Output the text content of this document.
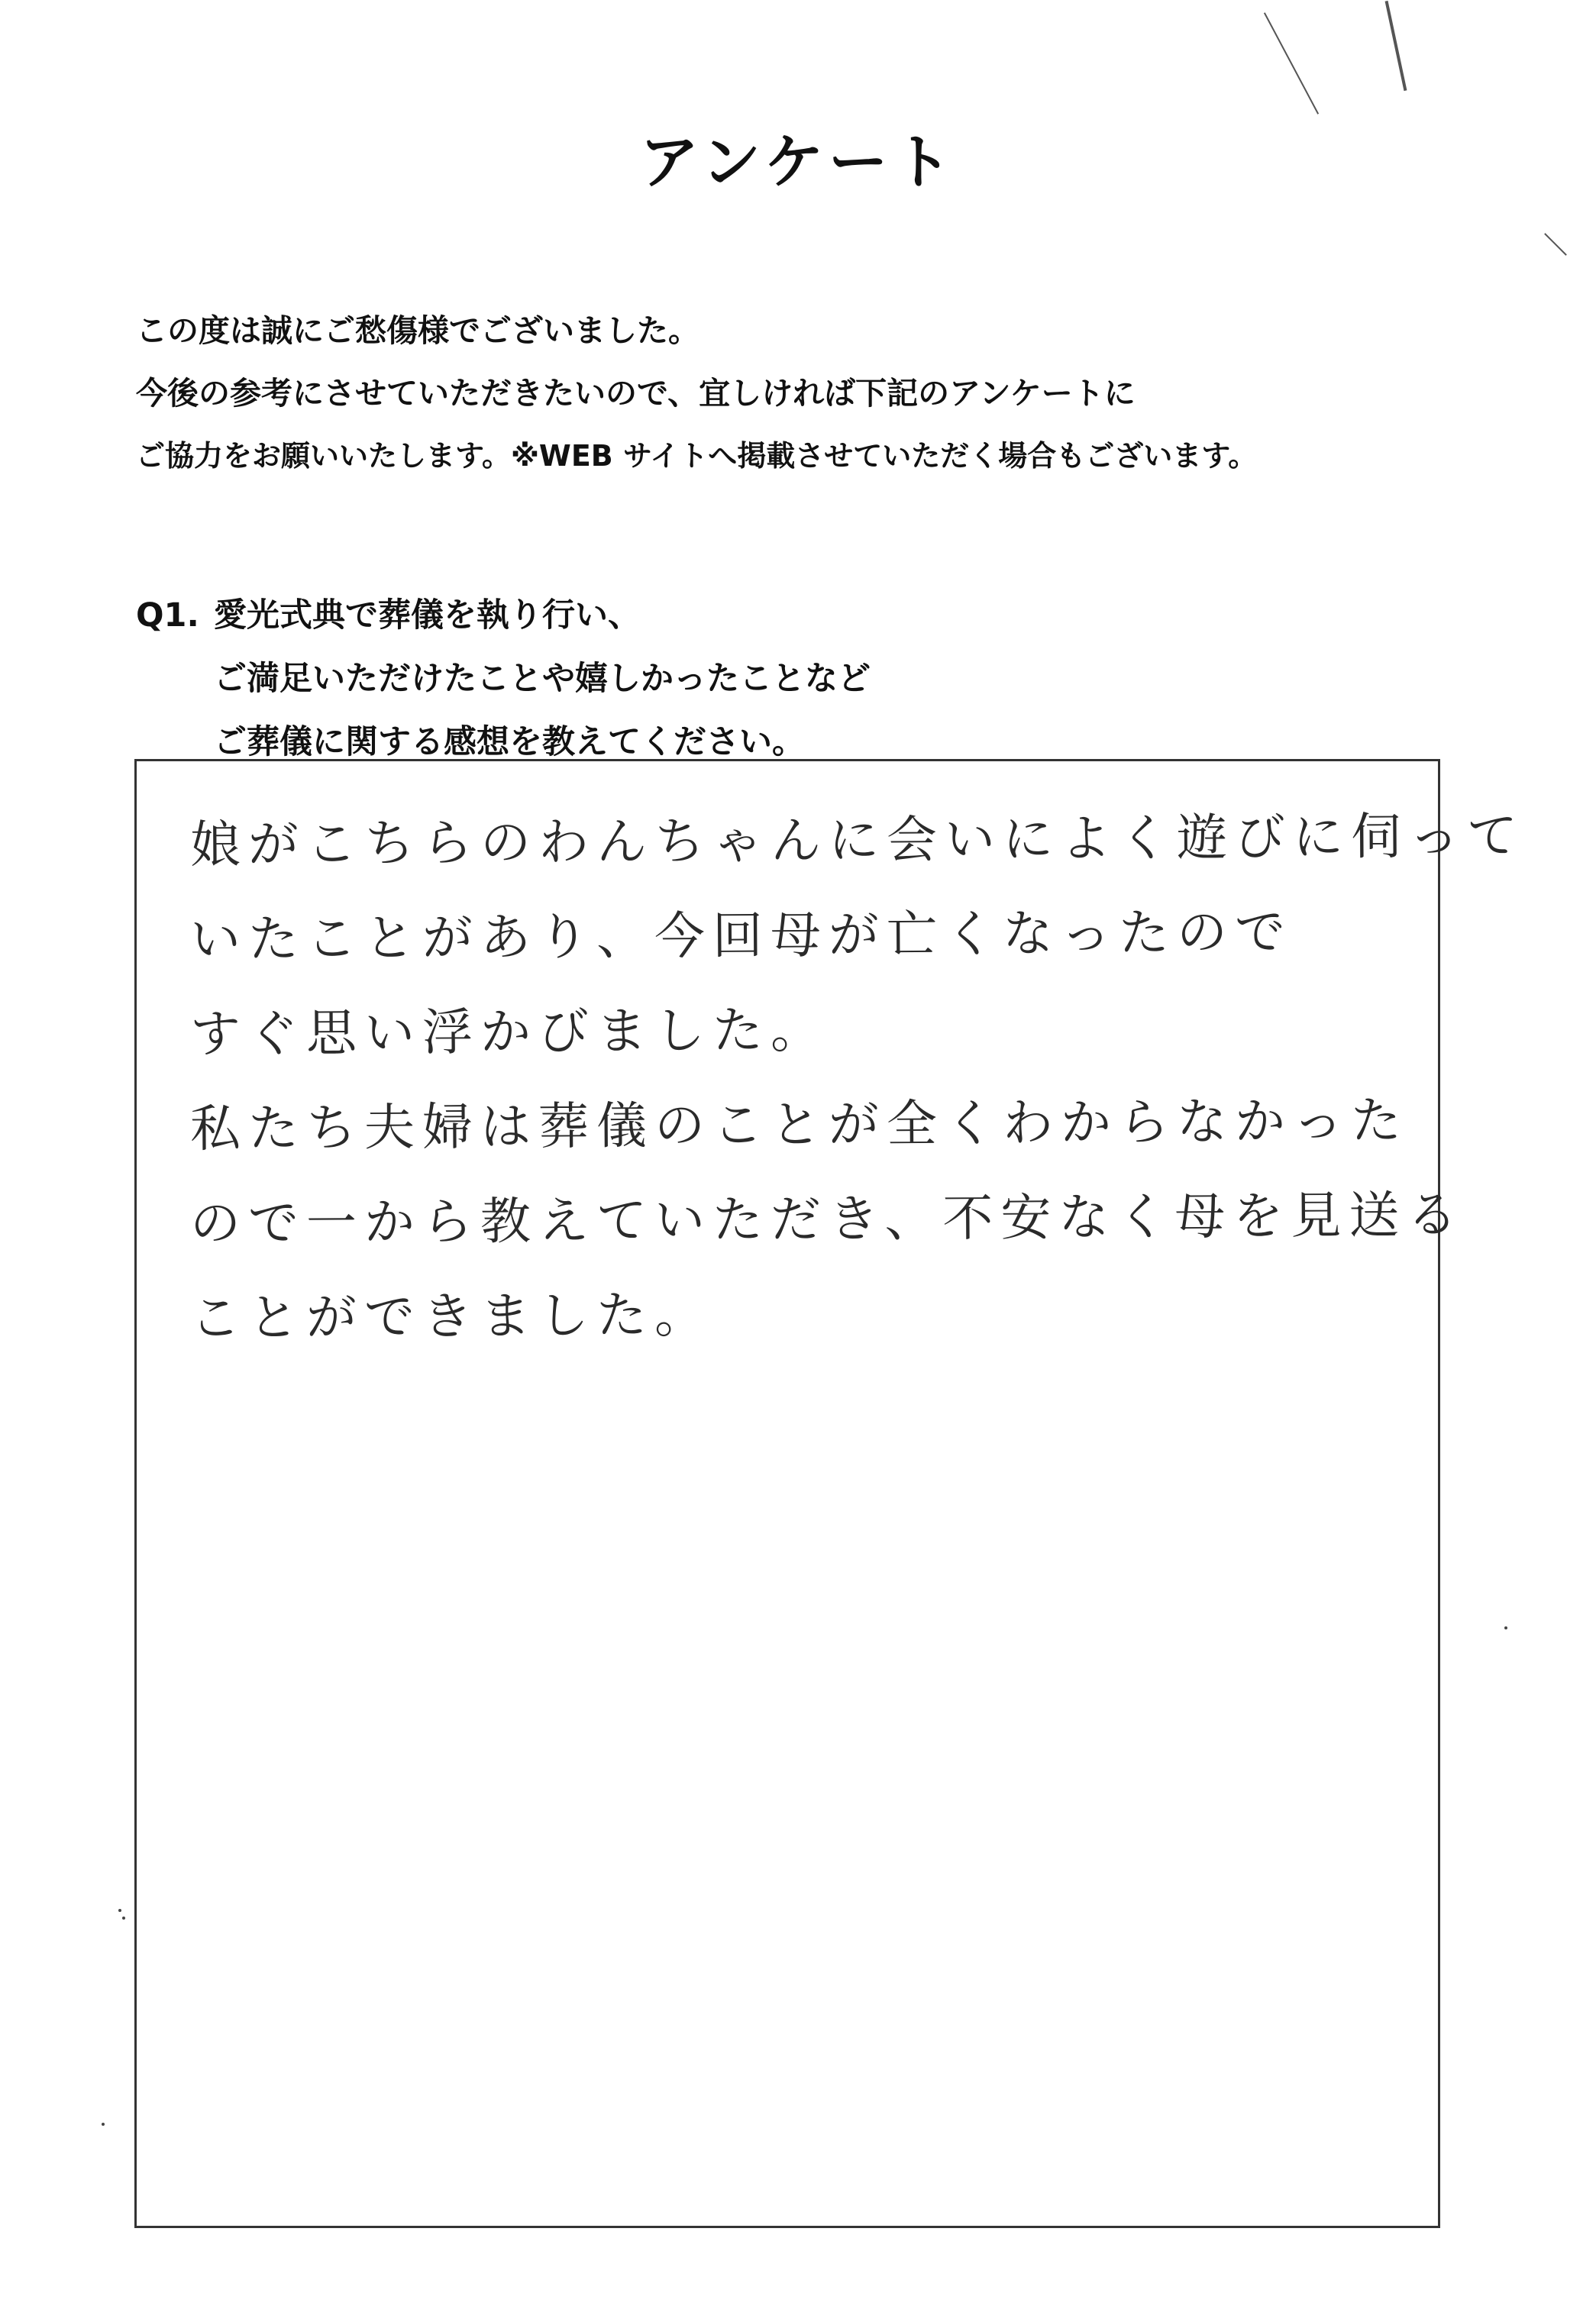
アンケート
この度は誠にご愁傷様でございました。
今後の参考にさせていただきたいので、宜しければ下記のアンケートに
ご協力をお願いいたします。※WEB サイトへ掲載させていただく場合もございます。
Q1. 愛光式典で葬儀を執り行い、
ご満足いただけたことや嬉しかったことなど
ご葬儀に関する感想を教えてください。
娘がこちらのわんちゃんに会いによく遊びに伺って
いたことがあり、今回母が亡くなったので
すぐ思い浮かびました。
私たち夫婦は葬儀のことが全くわからなかった
ので一から教えていただき、不安なく母を見送る
ことができました。
